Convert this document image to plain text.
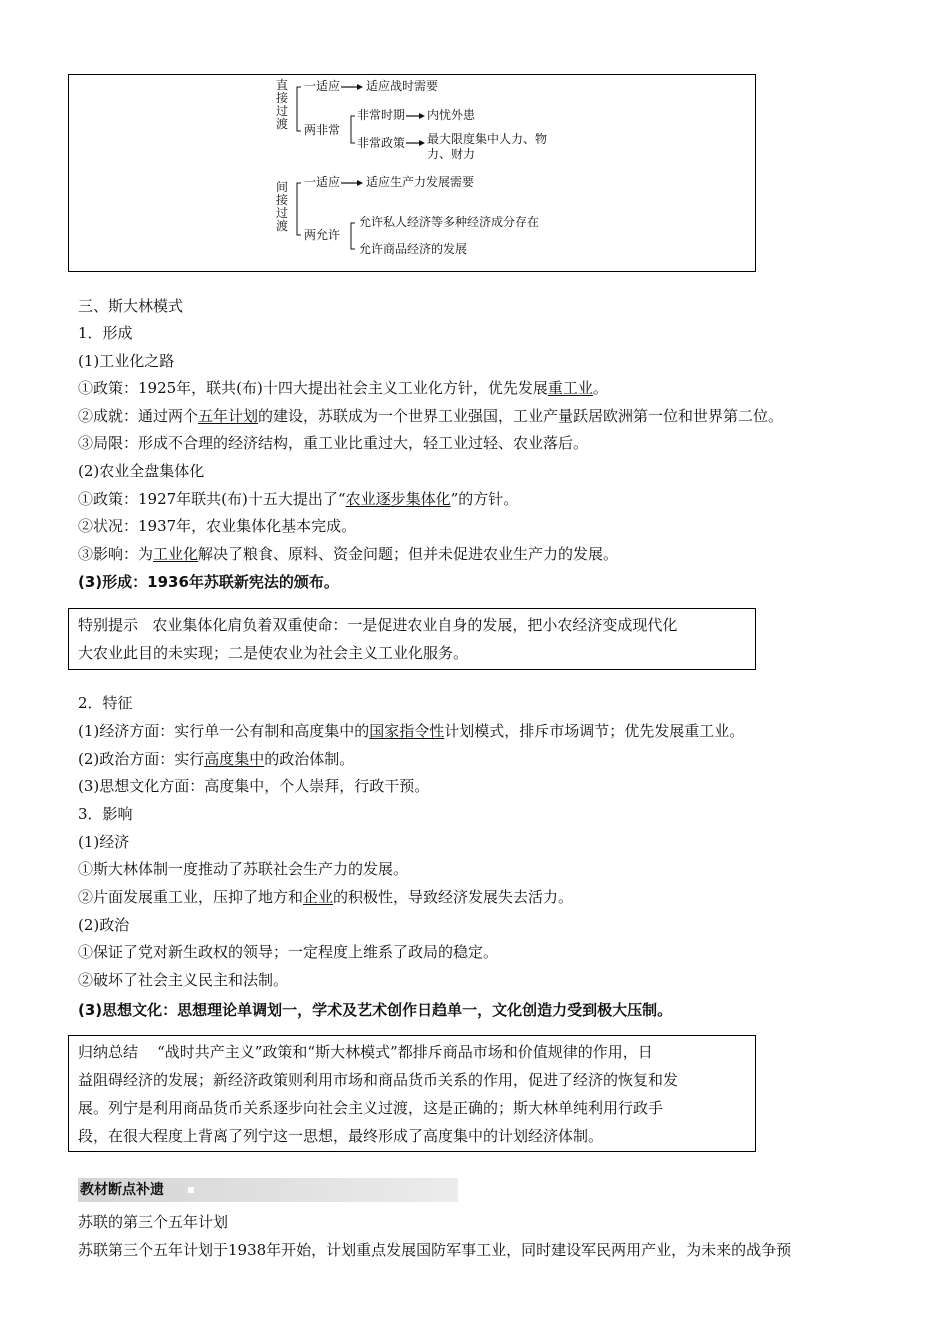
直接过渡
一适应 适应战时需要
两非常
非常时期 内忧外患
非常政策 最大限度集中人力、物
力、财力
间接过渡
一适应 适应生产力发展需要
两允许
允许私人经济等多种经济成分存在
允许商品经济的发展
三、斯大林模式
1．形成
(1)工业化之路
①政策：1925年，联共(布)十四大提出社会主义工业化方针，优先发展重工业。
②成就：通过两个五年计划的建设，苏联成为一个世界工业强国，工业产量跃居欧洲第一位和世界第二位。
③局限：形成不合理的经济结构，重工业比重过大，轻工业过轻、农业落后。
(2)农业全盘集体化
①政策：1927年联共(布)十五大提出了“农业逐步集体化”的方针。
②状况：1937年，农业集体化基本完成。
③影响：为工业化解决了粮食、原料、资金问题；但并未促进农业生产力的发展。
(3)形成：1936年苏联新宪法的颁布。
特别提示 农业集体化肩负着双重使命：一是促进农业自身的发展，把小农经济变成现代化
大农业此目的未实现；二是使农业为社会主义工业化服务。
2．特征
(1)经济方面：实行单一公有制和高度集中的国家指令性计划模式，排斥市场调节；优先发展重工业。
(2)政治方面：实行高度集中的政治体制。
(3)思想文化方面：高度集中，个人崇拜，行政干预。
3．影响
(1)经济
①斯大林体制一度推动了苏联社会生产力的发展。
②片面发展重工业，压抑了地方和企业的积极性，导致经济发展失去活力。
(2)政治
①保证了党对新生政权的领导；一定程度上维系了政局的稳定。
②破坏了社会主义民主和法制。
(3)思想文化：思想理论单调划一，学术及艺术创作日趋单一，文化创造力受到极大压制。
归纳总结 “战时共产主义”政策和“斯大林模式”都排斥商品市场和价值规律的作用，日
益阻碍经济的发展；新经济政策则利用市场和商品货币关系的作用，促进了经济的恢复和发
展。列宁是利用商品货币关系逐步向社会主义过渡，这是正确的；斯大林单纯利用行政手
段，在很大程度上背离了列宁这一思想，最终形成了高度集中的计划经济体制。
教材断点补遗
苏联的第三个五年计划
苏联第三个五年计划于1938年开始，计划重点发展国防军事工业，同时建设军民两用产业，为未来的战争预
